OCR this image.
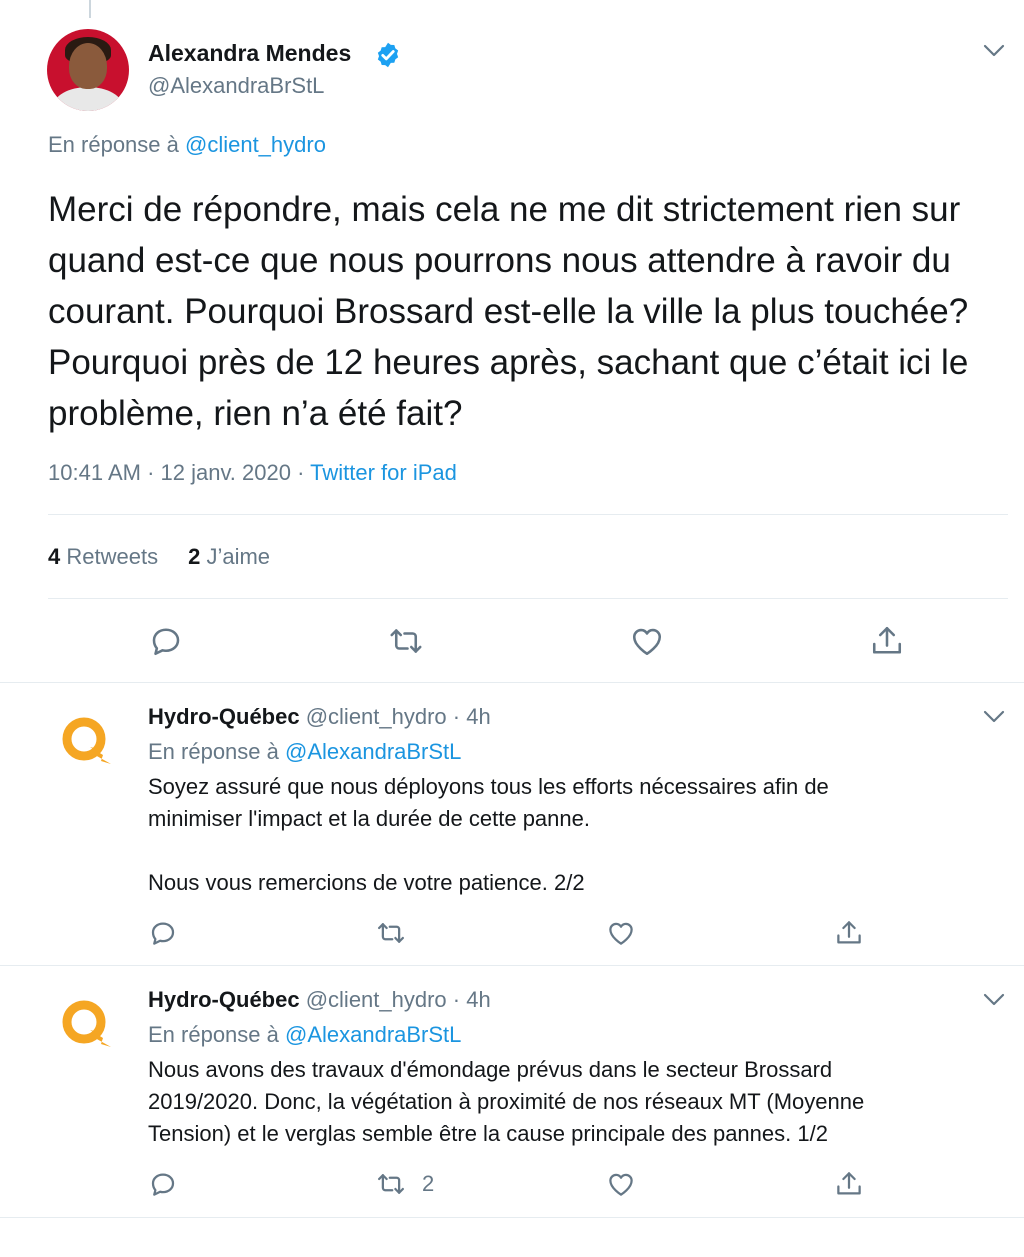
Alexandra Mendes
@AlexandraBrStL
En réponse à @client_hydro
Merci de répondre, mais cela ne me dit strictement rien sur quand est-ce que nous pourrons nous attendre à ravoir du courant. Pourquoi Brossard est-elle la ville la plus touchée? Pourquoi près de 12 heures après, sachant que c’était ici le problème, rien n’a été fait?
10:41 AM · 12 janv. 2020 · Twitter for iPad
4 Retweets 2 J’aime
Hydro-Québec @client_hydro · 4h
En réponse à @AlexandraBrStL
Soyez assuré que nous déployons tous les efforts nécessaires afin de
minimiser l'impact et la durée de cette panne.
Nous vous remercions de votre patience. 2/2
Hydro-Québec @client_hydro · 4h
En réponse à @AlexandraBrStL
Nous avons des travaux d'émondage prévus dans le secteur Brossard
2019/2020. Donc, la végétation à proximité de nos réseaux MT (Moyenne
Tension) et le verglas semble être la cause principale des pannes. 1/2
2
